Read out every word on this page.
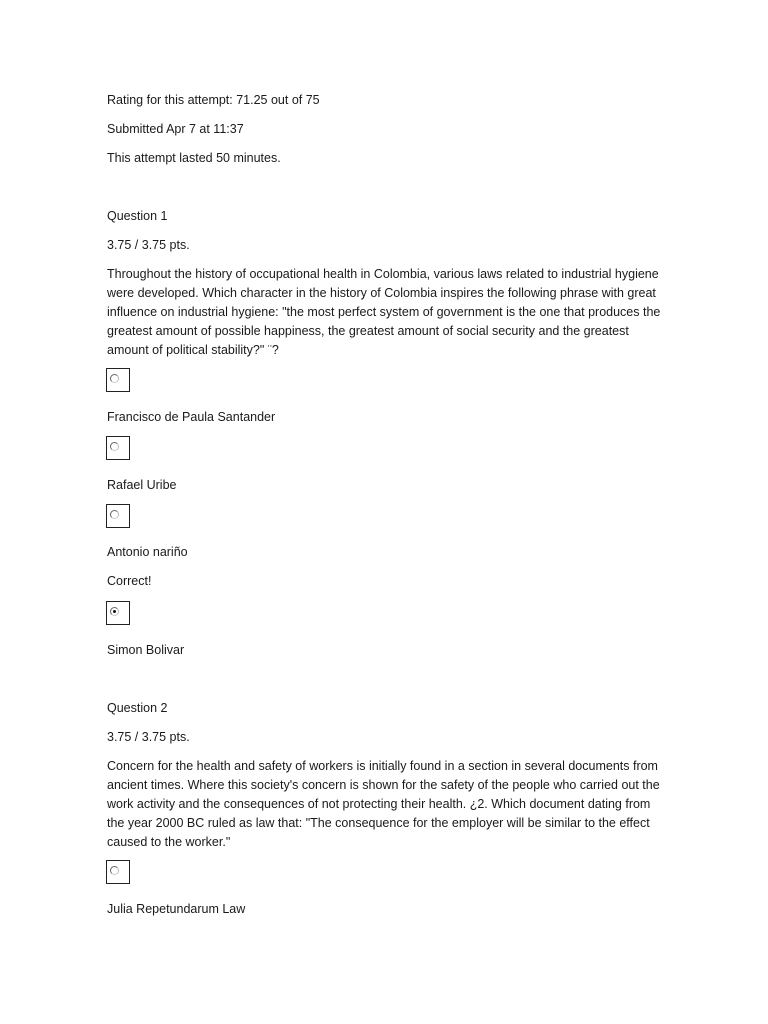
Rating for this attempt: 71.25 out of 75
Submitted Apr 7 at 11:37
This attempt lasted 50 minutes.
Question 1
3.75 / 3.75 pts.
Throughout the history of occupational health in Colombia, various laws related to industrial hygiene were developed. Which character in the history of Colombia inspires the following phrase with great influence on industrial hygiene: "the most perfect system of government is the one that produces the greatest amount of possible happiness, the greatest amount of social security and the greatest amount of political stability?" ¨?
Francisco de Paula Santander
Rafael Uribe
Antonio nariño
Correct!
Simon Bolivar
Question 2
3.75 / 3.75 pts.
Concern for the health and safety of workers is initially found in a section in several documents from ancient times. Where this society's concern is shown for the safety of the people who carried out the work activity and the consequences of not protecting their health. ¿2. Which document dating from the year 2000 BC ruled as law that: "The consequence for the employer will be similar to the effect caused to the worker."
Julia Repetundarum Law
